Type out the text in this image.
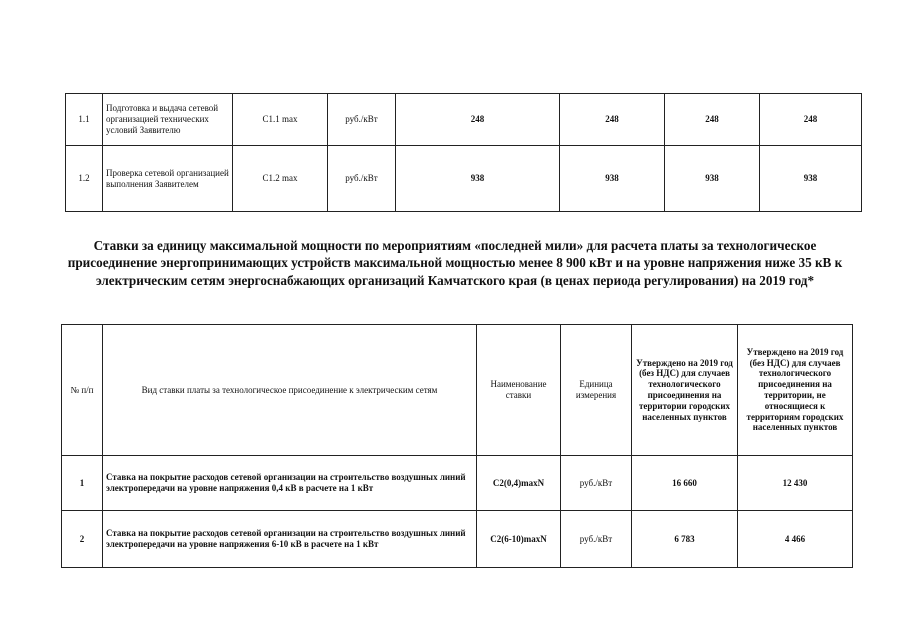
1.1	Подготовка и выдача сетевой организацией технических условий Заявителю	C1.1 max	руб./кВт	248	248	248	248
1.2	Проверка сетевой организацией выполнения Заявителем	C1.2 max	руб./кВт	938	938	938	938
Ставки за единицу максимальной мощности по мероприятиям «последней мили» для расчета платы за технологическое присоединение энергопринимающих устройств максимальной мощностью менее 8 900 кВт и на уровне напряжения ниже 35 кВ к электрическим сетям энергоснабжающих организаций Камчатского края (в ценах периода регулирования) на 2019 год*
№ п/п	Вид ставки платы за технологическое присоединение к электрическим сетям	Наименование ставки	Единица измерения	Утверждено на 2019 год (без НДС) для случаев технологического присоединения на территории городских населенных пунктов	Утверждено на 2019 год (без НДС) для случаев технологического присоединения на территории, не относящиеся к территориям городских населенных пунктов
1	Ставка на покрытие расходов сетевой организации на строительство воздушных линий электропередачи на уровне напряжения 0,4 кВ в расчете на 1 кВт	C2(0,4)maxN	руб./кВт	16 660	12 430
2	Ставка на покрытие расходов сетевой организации на строительство воздушных линий электропередачи на уровне напряжения 6-10 кВ в расчете на 1 кВт	C2(6-10)maxN	руб./кВт	6 783	4 466
